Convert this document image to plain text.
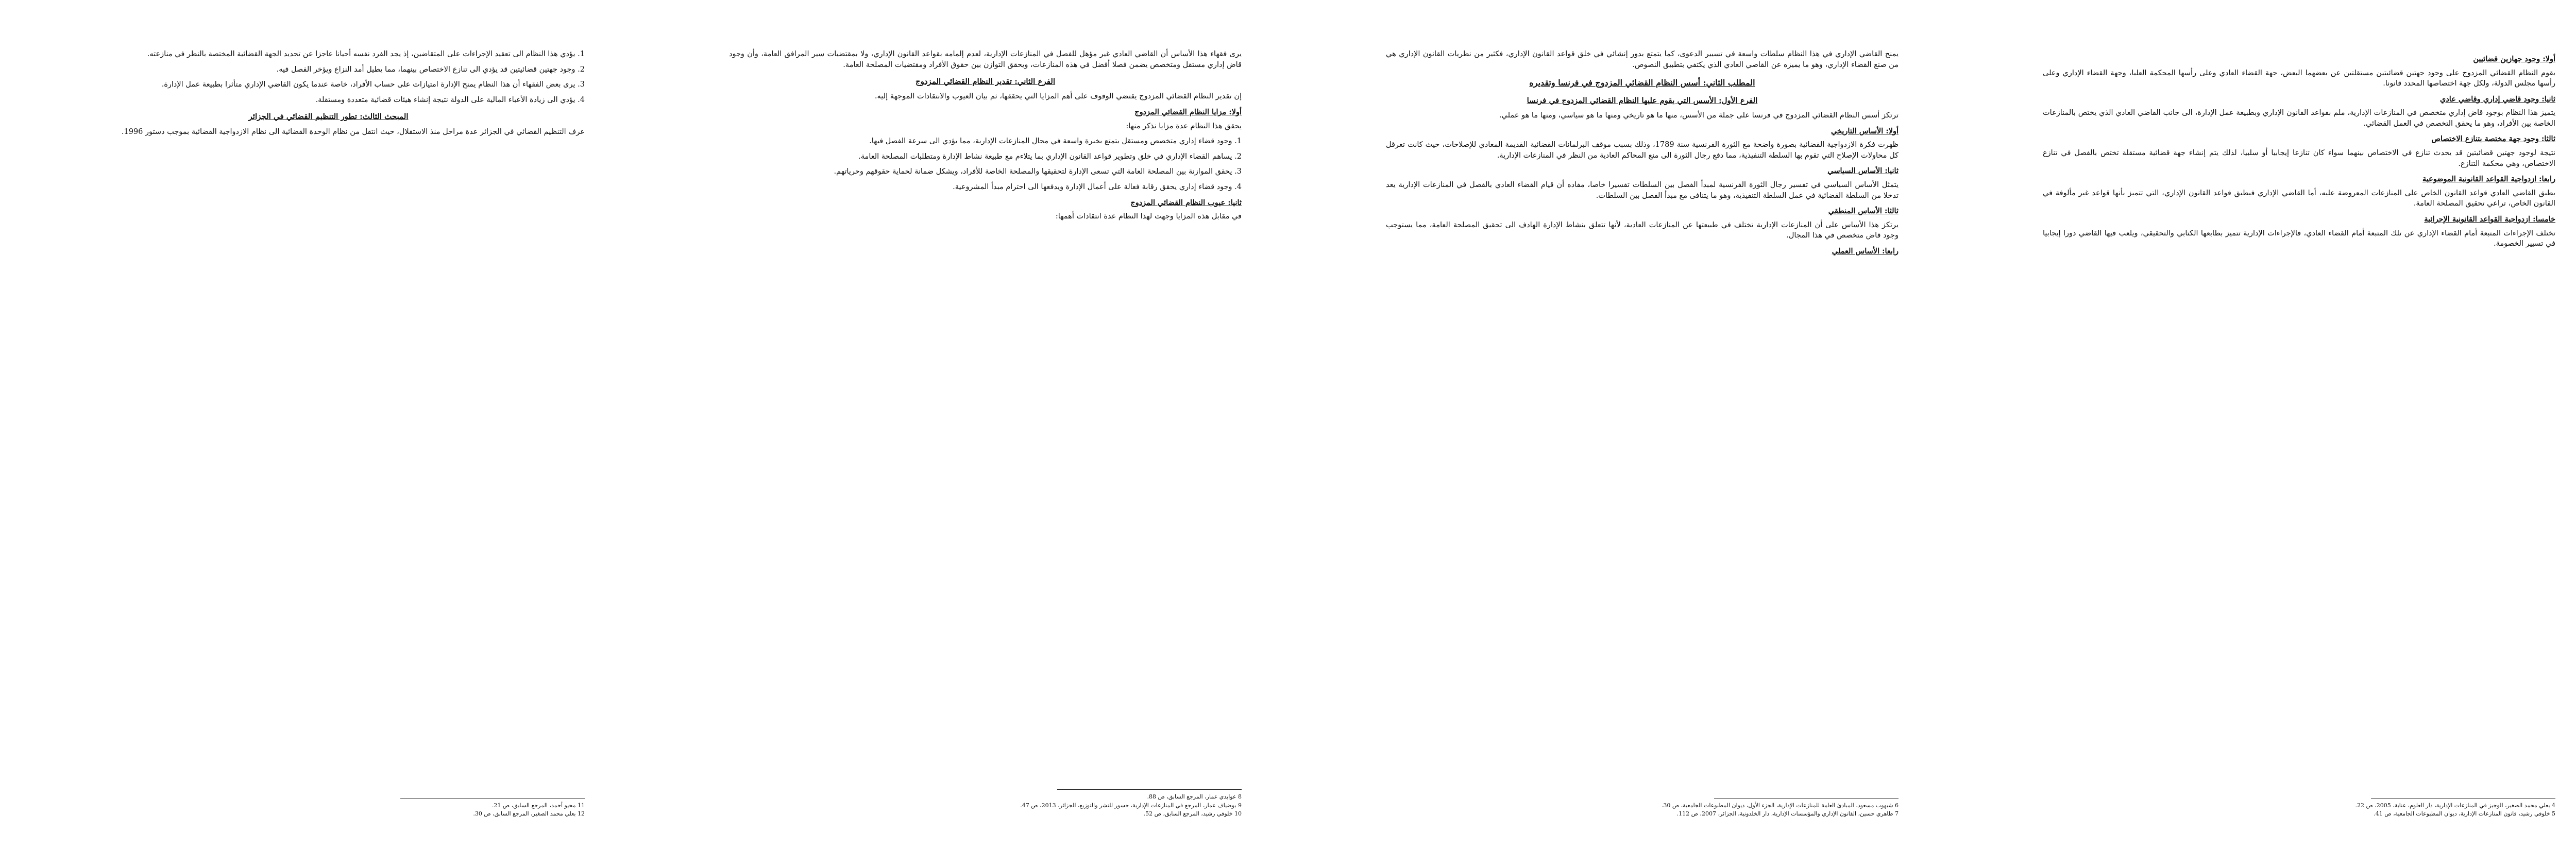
أولا: وجود جهازين قضائيين

يقوم النظام القضائي المزدوج على وجود جهتين قضائيتين مستقلتين عن بعضهما البعض، جهة القضاء العادي وعلى رأسها المحكمة العليا، وجهة القضاء الإداري وعلى رأسها مجلس الدولة، ولكل جهة اختصاصها المحدد قانونا.

ثانيا: وجود قاضي إداري وقاضي عادي

يتميز هذا النظام بوجود قاض إداري متخصص في المنازعات الإدارية، ملم بقواعد القانون الإداري وبطبيعة عمل الإدارة، الى جانب القاضي العادي الذي يختص بالمنازعات الخاصة بين الأفراد، وهو ما يحقق التخصص في العمل القضائي.

ثالثا: وجود جهة مختصة بتنازع الاختصاص

نتيجة لوجود جهتين قضائيتين قد يحدث تنازع في الاختصاص بينهما سواء كان تنازعا إيجابيا أو سلبيا، لذلك يتم إنشاء جهة قضائية مستقلة تختص بالفصل في تنازع الاختصاص، وهي محكمة التنازع.

رابعا: ازدواجية القواعد القانونية الموضوعية

يطبق القاضي العادي قواعد القانون الخاص على المنازعات المعروضة عليه، أما القاضي الإداري فيطبق قواعد القانون الإداري، التي تتميز بأنها قواعد غير مألوفة في القانون الخاص، تراعي تحقيق المصلحة العامة.

خامسا: ازدواجية القواعد القانونية الإجرائية

تختلف الإجراءات المتبعة أمام القضاء الإداري عن تلك المتبعة أمام القضاء العادي، فالإجراءات الإدارية تتميز بطابعها الكتابي والتحقيقي، ويلعب فيها القاضي دورا إيجابيا في تسيير الخصومة.

4 بعلي محمد الصغير، الوجيز في المنازعات الإدارية، دار العلوم، عنابة، 2005، ص 22.
5 خلوفي رشيد، قانون المنازعات الإدارية، ديوان المطبوعات الجامعية، ص 41.

يمنح القاضي الإداري في هذا النظام سلطات واسعة في تسيير الدعوى، كما يتمتع بدور إنشائي في خلق قواعد القانون الإداري، فكثير من نظريات القانون الإداري هي من صنع القضاء الإداري، وهو ما يميزه عن القاضي العادي الذي يكتفي بتطبيق النصوص.

المطلب الثاني: أسس النظام القضائي المزدوج في فرنسا وتقديره
الفرع الأول: الأسس التي يقوم عليها النظام القضائي المزدوج في فرنسا

ترتكز أسس النظام القضائي المزدوج في فرنسا على جملة من الأسس، منها ما هو تاريخي ومنها ما هو سياسي، ومنها ما هو عملي.

أولا: الأساس التاريخي

ظهرت فكرة الازدواجية القضائية بصورة واضحة مع الثورة الفرنسية سنة 1789، وذلك بسبب موقف البرلمانات القضائية القديمة المعادي للإصلاحات، حيث كانت تعرقل كل محاولات الإصلاح التي تقوم بها السلطة التنفيذية، مما دفع رجال الثورة الى منع المحاكم العادية من النظر في المنازعات الإدارية.

ثانيا: الأساس السياسي

يتمثل الأساس السياسي في تفسير رجال الثورة الفرنسية لمبدأ الفصل بين السلطات تفسيرا خاصا، مفاده أن قيام القضاء العادي بالفصل في المنازعات الإدارية يعد تدخلا من السلطة القضائية في عمل السلطة التنفيذية، وهو ما يتنافى مع مبدأ الفصل بين السلطات.

ثالثا: الأساس المنطقي

يرتكز هذا الأساس على أن المنازعات الإدارية تختلف في طبيعتها عن المنازعات العادية، لأنها تتعلق بنشاط الإدارة الهادف الى تحقيق المصلحة العامة، مما يستوجب وجود قاض متخصص في هذا المجال.

رابعا: الأساس العملي
6 شيهوب مسعود، المبادئ العامة للمنازعات الإدارية، الجزء الأول، ديوان المطبوعات الجامعية، ص 30.
7 طاهري حسين، القانون الإداري والمؤسسات الإدارية، دار الخلدونية، الجزائر، 2007، ص 112.

يرى فقهاء هذا الأساس أن القاضي العادي غير مؤهل للفصل في المنازعات الإدارية، لعدم إلمامه بقواعد القانون الإداري، ولا بمقتضيات سير المرافق العامة، وأن وجود قاض إداري مستقل ومتخصص يضمن فصلا أفضل في هذه المنازعات، ويحقق التوازن بين حقوق الأفراد ومقتضيات المصلحة العامة.

الفرع الثاني: تقدير النظام القضائي المزدوج

إن تقدير النظام القضائي المزدوج يقتضي الوقوف على أهم المزايا التي يحققها، ثم بيان العيوب والانتقادات الموجهة إليه.

أولا: مزايا النظام القضائي المزدوج

يحقق هذا النظام عدة مزايا نذكر منها:

1. وجود قضاء إداري متخصص ومستقل يتمتع بخبرة واسعة في مجال المنازعات الإدارية، مما يؤدي الى سرعة الفصل فيها.

2. يساهم القضاء الإداري في خلق وتطوير قواعد القانون الإداري بما يتلاءم مع طبيعة نشاط الإدارة ومتطلبات المصلحة العامة.

3. يحقق الموازنة بين المصلحة العامة التي تسعى الإدارة لتحقيقها والمصلحة الخاصة للأفراد، ويشكل ضمانة لحماية حقوقهم وحرياتهم.

4. وجود قضاء إداري يحقق رقابة فعالة على أعمال الإدارة ويدفعها الى احترام مبدأ المشروعية.

ثانيا: عيوب النظام القضائي المزدوج

في مقابل هذه المزايا وجهت لهذا النظام عدة انتقادات أهمها:

8 عوابدي عمار، المرجع السابق، ص 88.
9 بوضياف عمار، المرجع في المنازعات الإدارية، جسور للنشر والتوزيع، الجزائر، 2013، ص 47.
10 خلوفي رشيد، المرجع السابق، ص 52.

1. يؤدي هذا النظام الى تعقيد الإجراءات على المتقاضين، إذ يجد الفرد نفسه أحيانا عاجزا عن تحديد الجهة القضائية المختصة بالنظر في منازعته.

2. وجود جهتين قضائيتين قد يؤدي الى تنازع الاختصاص بينهما، مما يطيل أمد النزاع ويؤخر الفصل فيه.

3. يرى بعض الفقهاء أن هذا النظام يمنح الإدارة امتيازات على حساب الأفراد، خاصة عندما يكون القاضي الإداري متأثرا بطبيعة عمل الإدارة.

4. يؤدي الى زيادة الأعباء المالية على الدولة نتيجة إنشاء هيئات قضائية متعددة ومستقلة.

المبحث الثالث: تطور التنظيم القضائي في الجزائر

عرف التنظيم القضائي في الجزائر عدة مراحل منذ الاستقلال، حيث انتقل من نظام الوحدة القضائية الى نظام الازدواجية القضائية بموجب دستور 1996.

11 محيو أحمد، المرجع السابق، ص 21.
12 بعلي محمد الصغير، المرجع السابق، ص 30.
